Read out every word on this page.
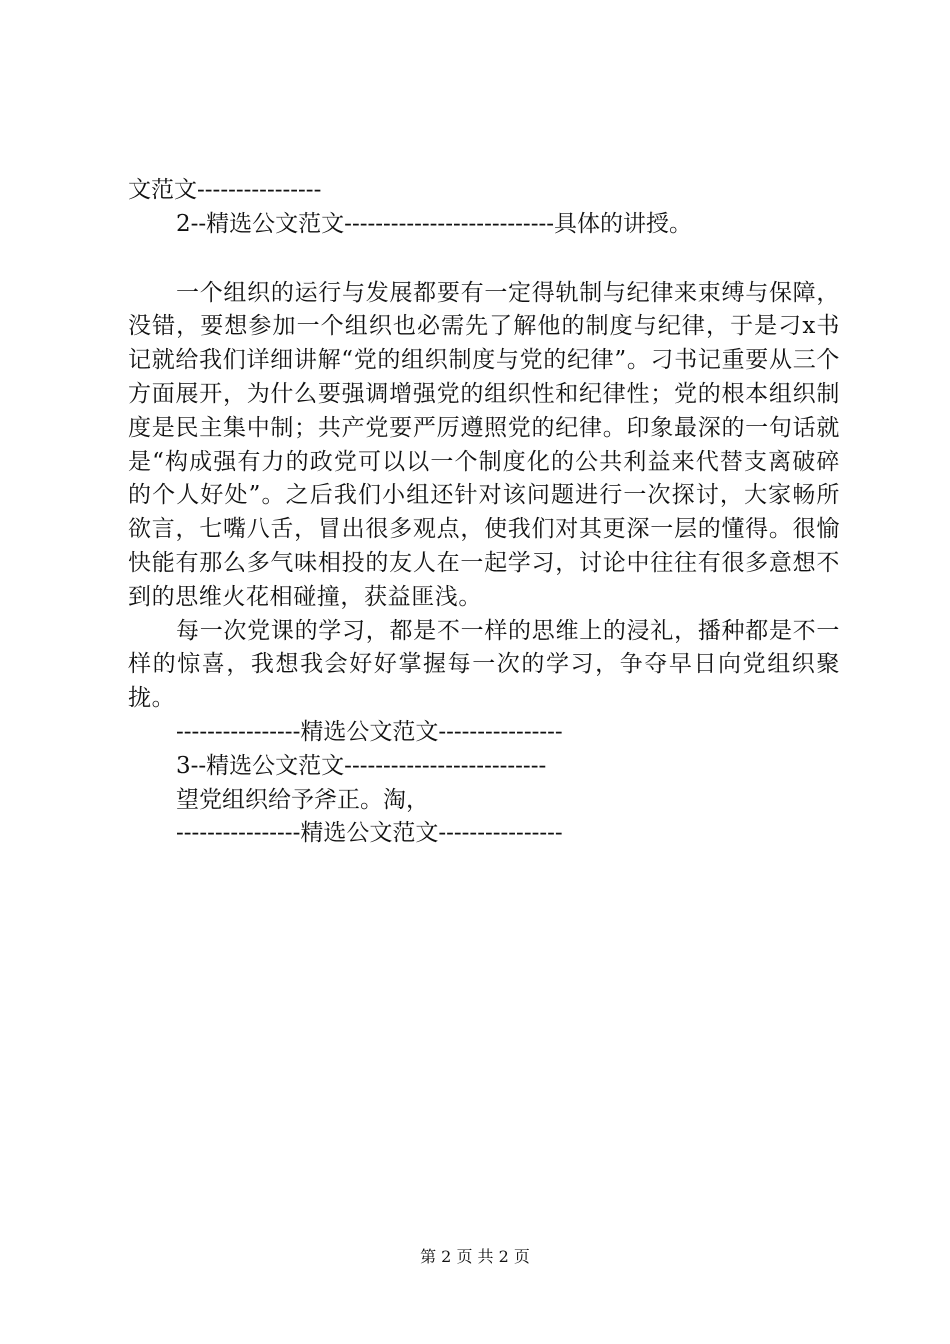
文范文----------------

2--精选公文范文---------------------------具体的讲授。

一个组织的运行与发展都要有一定得轨制与纪律来束缚与保障，没错，要想参加一个组织也必需先了解他的制度与纪律，于是刁x书记就给我们详细讲解“党的组织制度与党的纪律”。刁书记重要从三个方面展开，为什么要强调增强党的组织性和纪律性；党的根本组织制度是民主集中制；共产党要严厉遵照党的纪律。印象最深的一句话就是“构成强有力的政党可以以一个制度化的公共利益来代替支离破碎的个人好处”。之后我们小组还针对该问题进行一次探讨，大家畅所欲言，七嘴八舌，冒出很多观点，使我们对其更深一层的懂得。很愉快能有那么多气味相投的友人在一起学习，讨论中往往有很多意想不到的思维火花相碰撞，获益匪浅。

每一次党课的学习，都是不一样的思维上的浸礼，播种都是不一样的惊喜，我想我会好好掌握每一次的学习，争夺早日向党组织聚拢。

----------------精选公文范文----------------

3--精选公文范文--------------------------

望党组织给予斧正。淘，

----------------精选公文范文----------------

第 2 页 共 2 页
